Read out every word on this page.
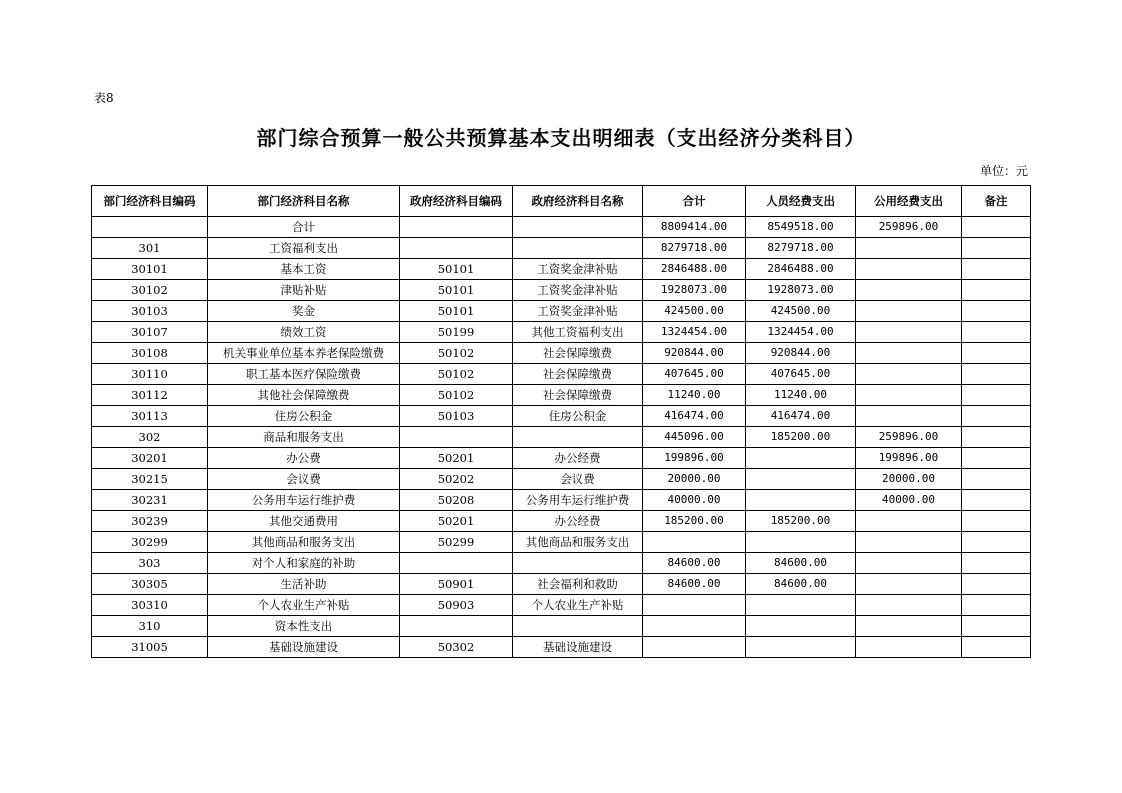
表8
部门综合预算一般公共预算基本支出明细表（支出经济分类科目）
单位：元
部门经济科目编码	部门经济科目名称	政府经济科目编码	政府经济科目名称	合计	人员经费支出	公用经费支出	备注
	合计			8809414.00	8549518.00	259896.00	
301	工资福利支出			8279718.00	8279718.00		
30101	基本工资	50101	工资奖金津补贴	2846488.00	2846488.00		
30102	津贴补贴	50101	工资奖金津补贴	1928073.00	1928073.00		
30103	奖金	50101	工资奖金津补贴	424500.00	424500.00		
30107	绩效工资	50199	其他工资福利支出	1324454.00	1324454.00		
30108	机关事业单位基本养老保险缴费	50102	社会保障缴费	920844.00	920844.00		
30110	职工基本医疗保险缴费	50102	社会保障缴费	407645.00	407645.00		
30112	其他社会保障缴费	50102	社会保障缴费	11240.00	11240.00		
30113	住房公积金	50103	住房公积金	416474.00	416474.00		
302	商品和服务支出			445096.00	185200.00	259896.00	
30201	办公费	50201	办公经费	199896.00		199896.00	
30215	会议费	50202	会议费	20000.00		20000.00	
30231	公务用车运行维护费	50208	公务用车运行维护费	40000.00		40000.00	
30239	其他交通费用	50201	办公经费	185200.00	185200.00		
30299	其他商品和服务支出	50299	其他商品和服务支出				
303	对个人和家庭的补助			84600.00	84600.00		
30305	生活补助	50901	社会福利和救助	84600.00	84600.00		
30310	个人农业生产补贴	50903	个人农业生产补贴				
310	资本性支出						
31005	基础设施建设	50302	基础设施建设				
